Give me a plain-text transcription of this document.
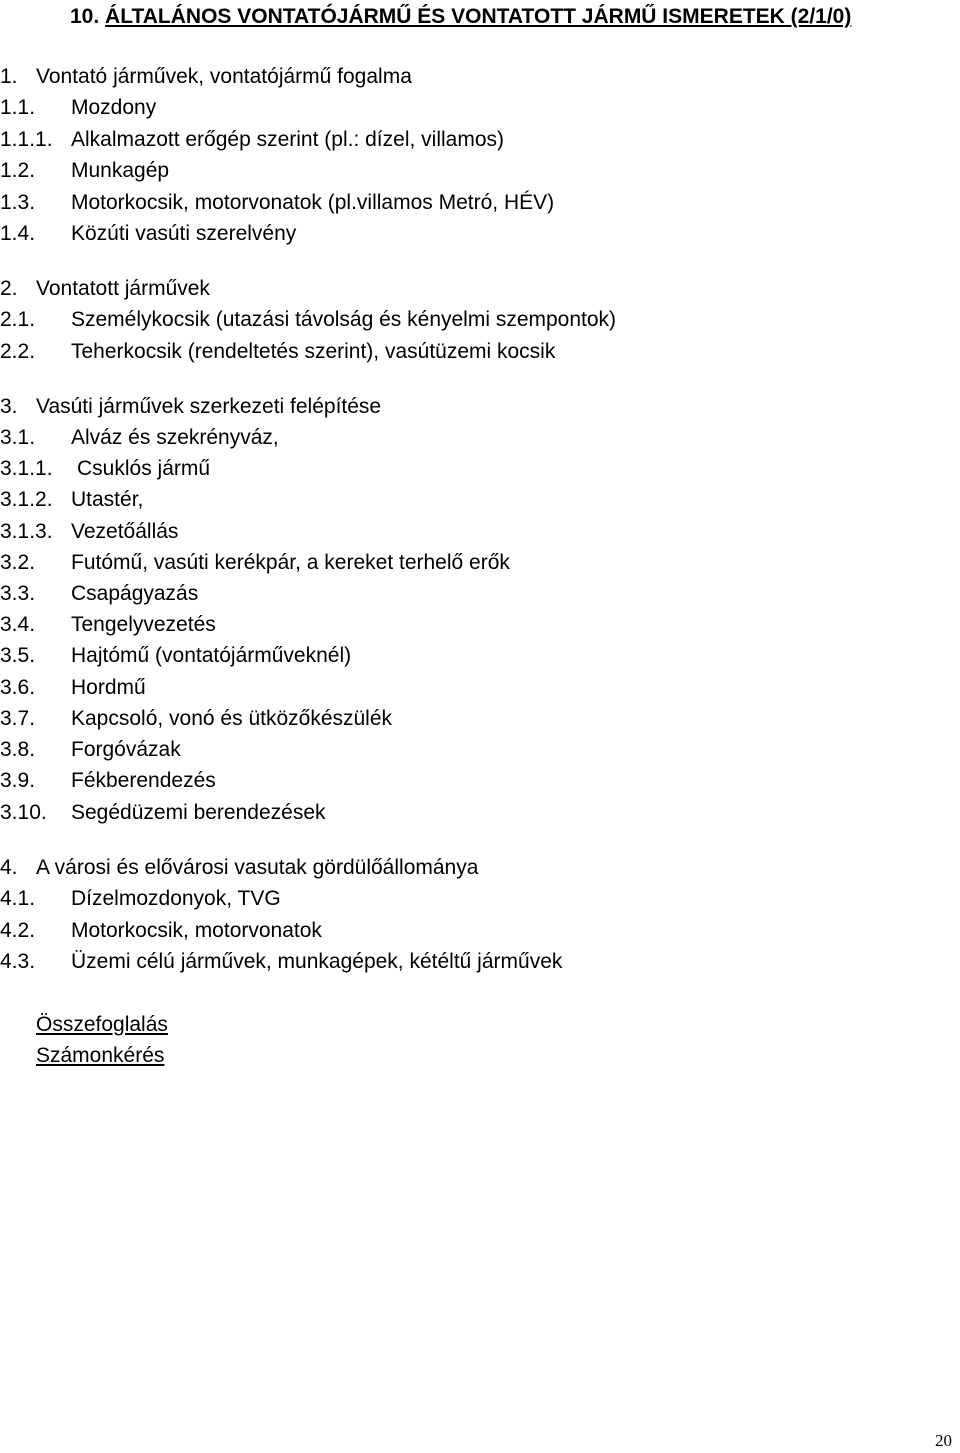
10. ÁLTALÁNOS VONTATÓJÁRMŰ ÉS VONTATOTT JÁRMŰ ISMERETEK (2/1/0)
1. Vontató járművek, vontatójármű fogalma
1.1. Mozdony
1.1.1. Alkalmazott erőgép szerint (pl.: dízel, villamos)
1.2. Munkagép
1.3. Motorkocsik, motorvonatok (pl.villamos Metró, HÉV)
1.4. Közúti vasúti szerelvény
2. Vontatott járművek
2.1. Személykocsik (utazási távolság és kényelmi szempontok)
2.2. Teherkocsik (rendeltetés szerint), vasútüzemi kocsik
3. Vasúti járművek szerkezeti felépítése
3.1. Alváz és szekrényváz,
3.1.1. Csuklós jármű
3.1.2. Utastér,
3.1.3. Vezetőállás
3.2. Futómű, vasúti kerékpár, a kereket terhelő erők
3.3. Csapágyazás
3.4. Tengelyvezetés
3.5. Hajtómű (vontatójárműveknél)
3.6. Hordmű
3.7. Kapcsoló, vonó és ütközőkészülék
3.8. Forgóvázak
3.9. Fékberendezés
3.10. Segédüzemi berendezések
4. A városi és elővárosi vasutak gördülőállománya
4.1. Dízelmozdonyok, TVG
4.2. Motorkocsik, motorvonatok
4.3. Üzemi célú járművek, munkagépek, kétéltű járművek
Összefoglalás
Számonkérés
20
